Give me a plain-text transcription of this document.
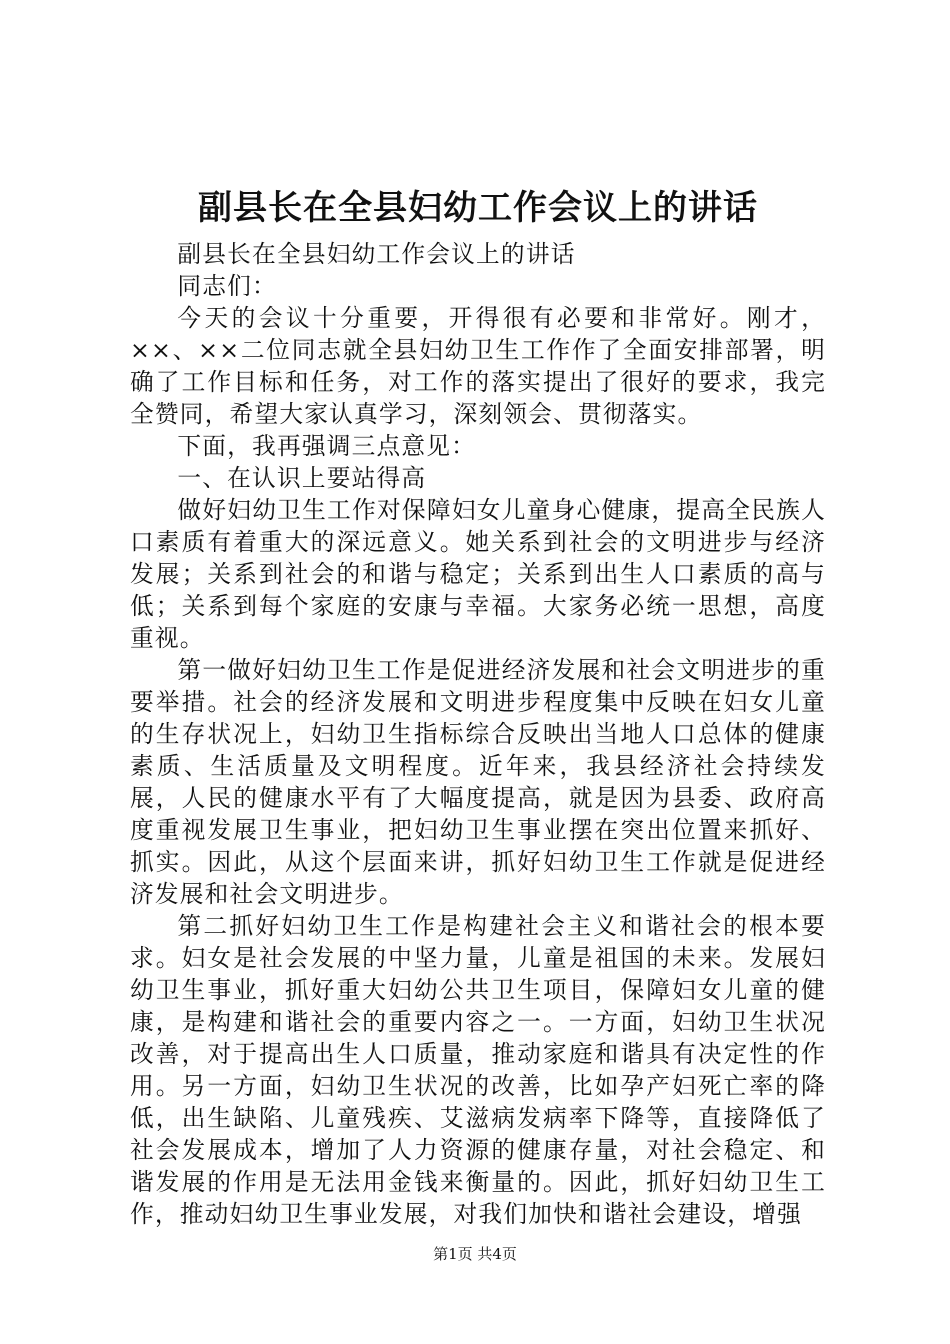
副县长在全县妇幼工作会议上的讲话

副县长在全县妇幼工作会议上的讲话

同志们：

今天的会议十分重要，开得很有必要和非常好。刚才，××、××二位同志就全县妇幼卫生工作作了全面安排部署，明确了工作目标和任务，对工作的落实提出了很好的要求，我完全赞同，希望大家认真学习，深刻领会、贯彻落实。

下面，我再强调三点意见：

一、在认识上要站得高

做好妇幼卫生工作对保障妇女儿童身心健康，提高全民族人口素质有着重大的深远意义。她关系到社会的文明进步与经济发展；关系到社会的和谐与稳定；关系到出生人口素质的高与低；关系到每个家庭的安康与幸福。大家务必统一思想，高度重视。

第一做好妇幼卫生工作是促进经济发展和社会文明进步的重要举措。社会的经济发展和文明进步程度集中反映在妇女儿童的生存状况上，妇幼卫生指标综合反映出当地人口总体的健康素质、生活质量及文明程度。近年来，我县经济社会持续发展，人民的健康水平有了大幅度提高，就是因为县委、政府高度重视发展卫生事业，把妇幼卫生事业摆在突出位置来抓好、抓实。因此，从这个层面来讲，抓好妇幼卫生工作就是促进经济发展和社会文明进步。

第二抓好妇幼卫生工作是构建社会主义和谐社会的根本要求。妇女是社会发展的中坚力量，儿童是祖国的未来。发展妇幼卫生事业，抓好重大妇幼公共卫生项目，保障妇女儿童的健康，是构建和谐社会的重要内容之一。一方面，妇幼卫生状况改善，对于提高出生人口质量，推动家庭和谐具有决定性的作用。另一方面，妇幼卫生状况的改善，比如孕产妇死亡率的降低，出生缺陷、儿童残疾、艾滋病发病率下降等，直接降低了社会发展成本，增加了人力资源的健康存量，对社会稳定、和谐发展的作用是无法用金钱来衡量的。因此，抓好妇幼卫生工作，推动妇幼卫生事业发展，对我们加快和谐社会建设，增强

第1页 共4页
